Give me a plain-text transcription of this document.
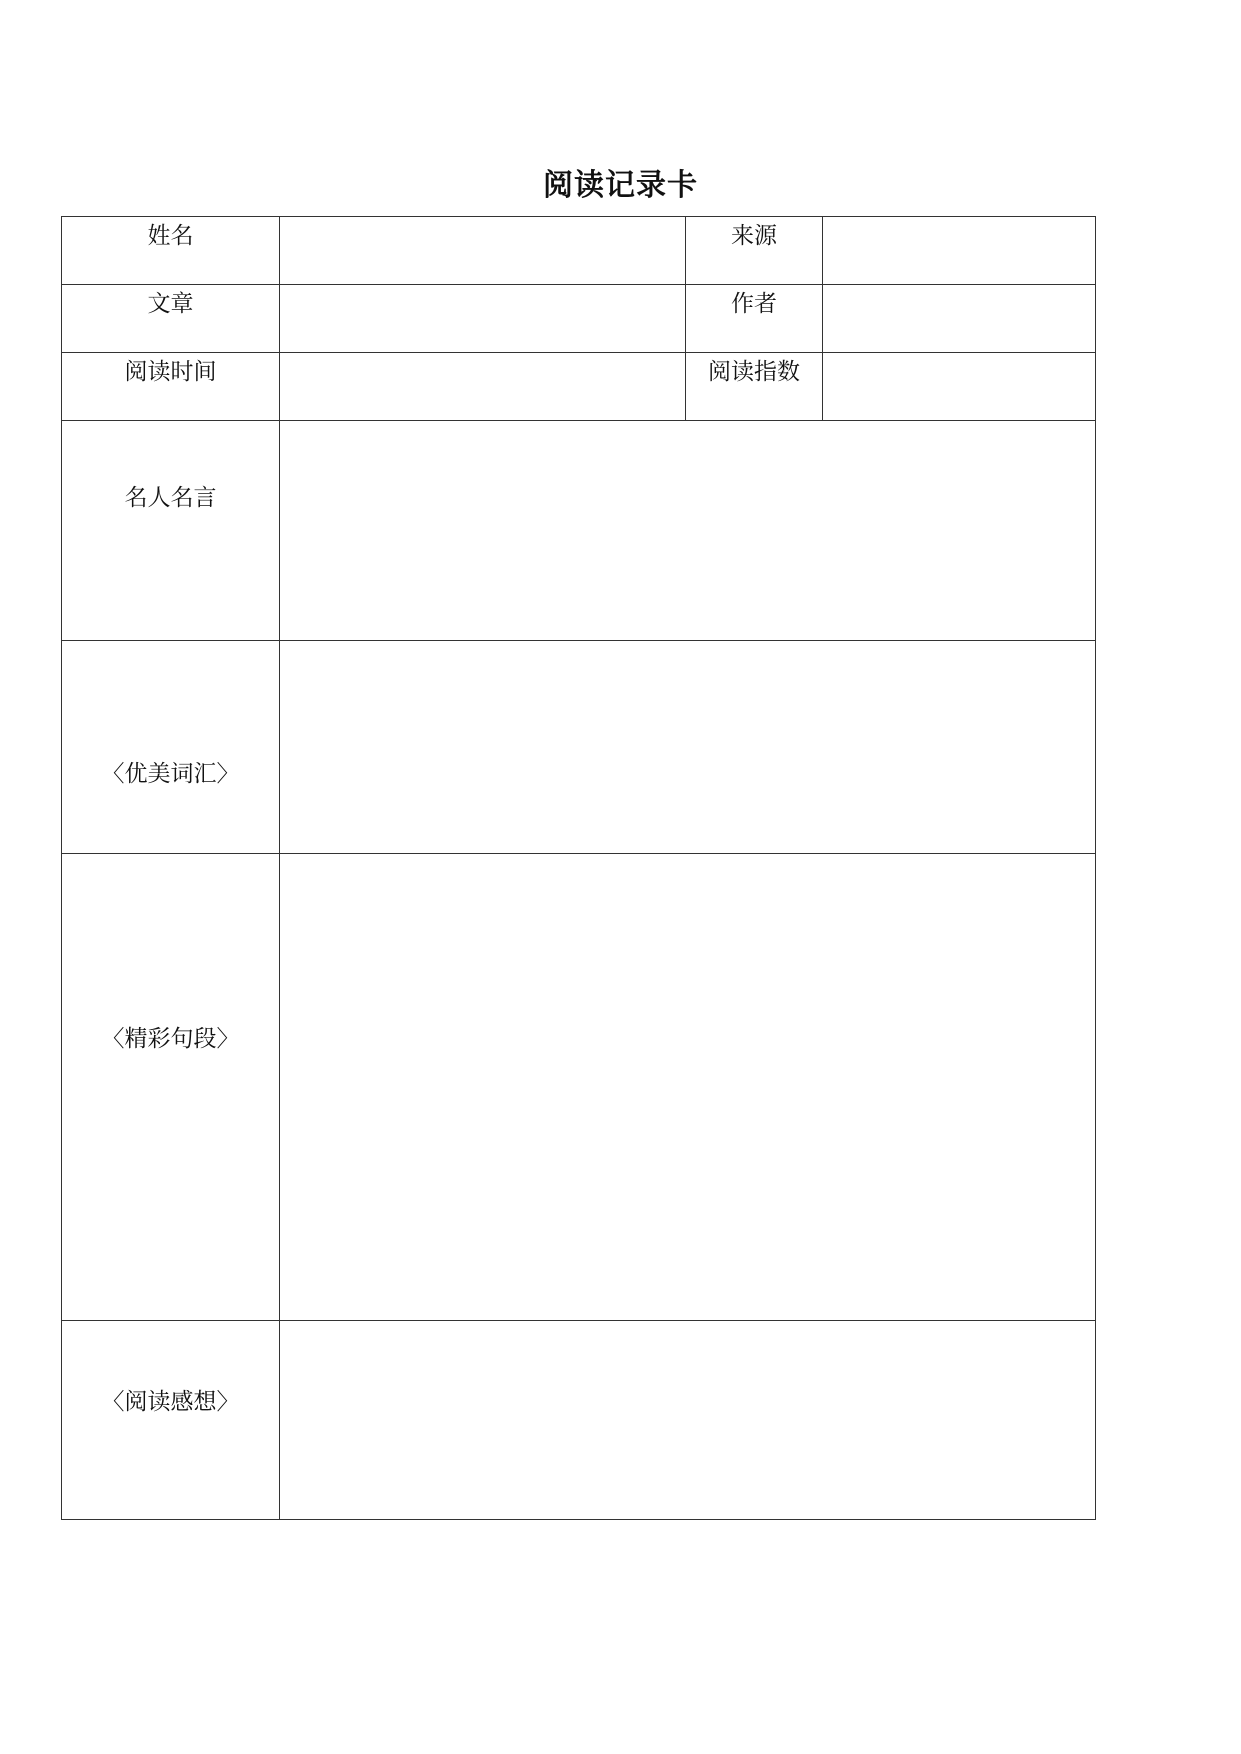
阅读记录卡
姓名		来源	
文章		作者	
阅读时间		阅读指数	
名人名言			
〈优美词汇〉			
〈精彩句段〉			
〈阅读感想〉			
